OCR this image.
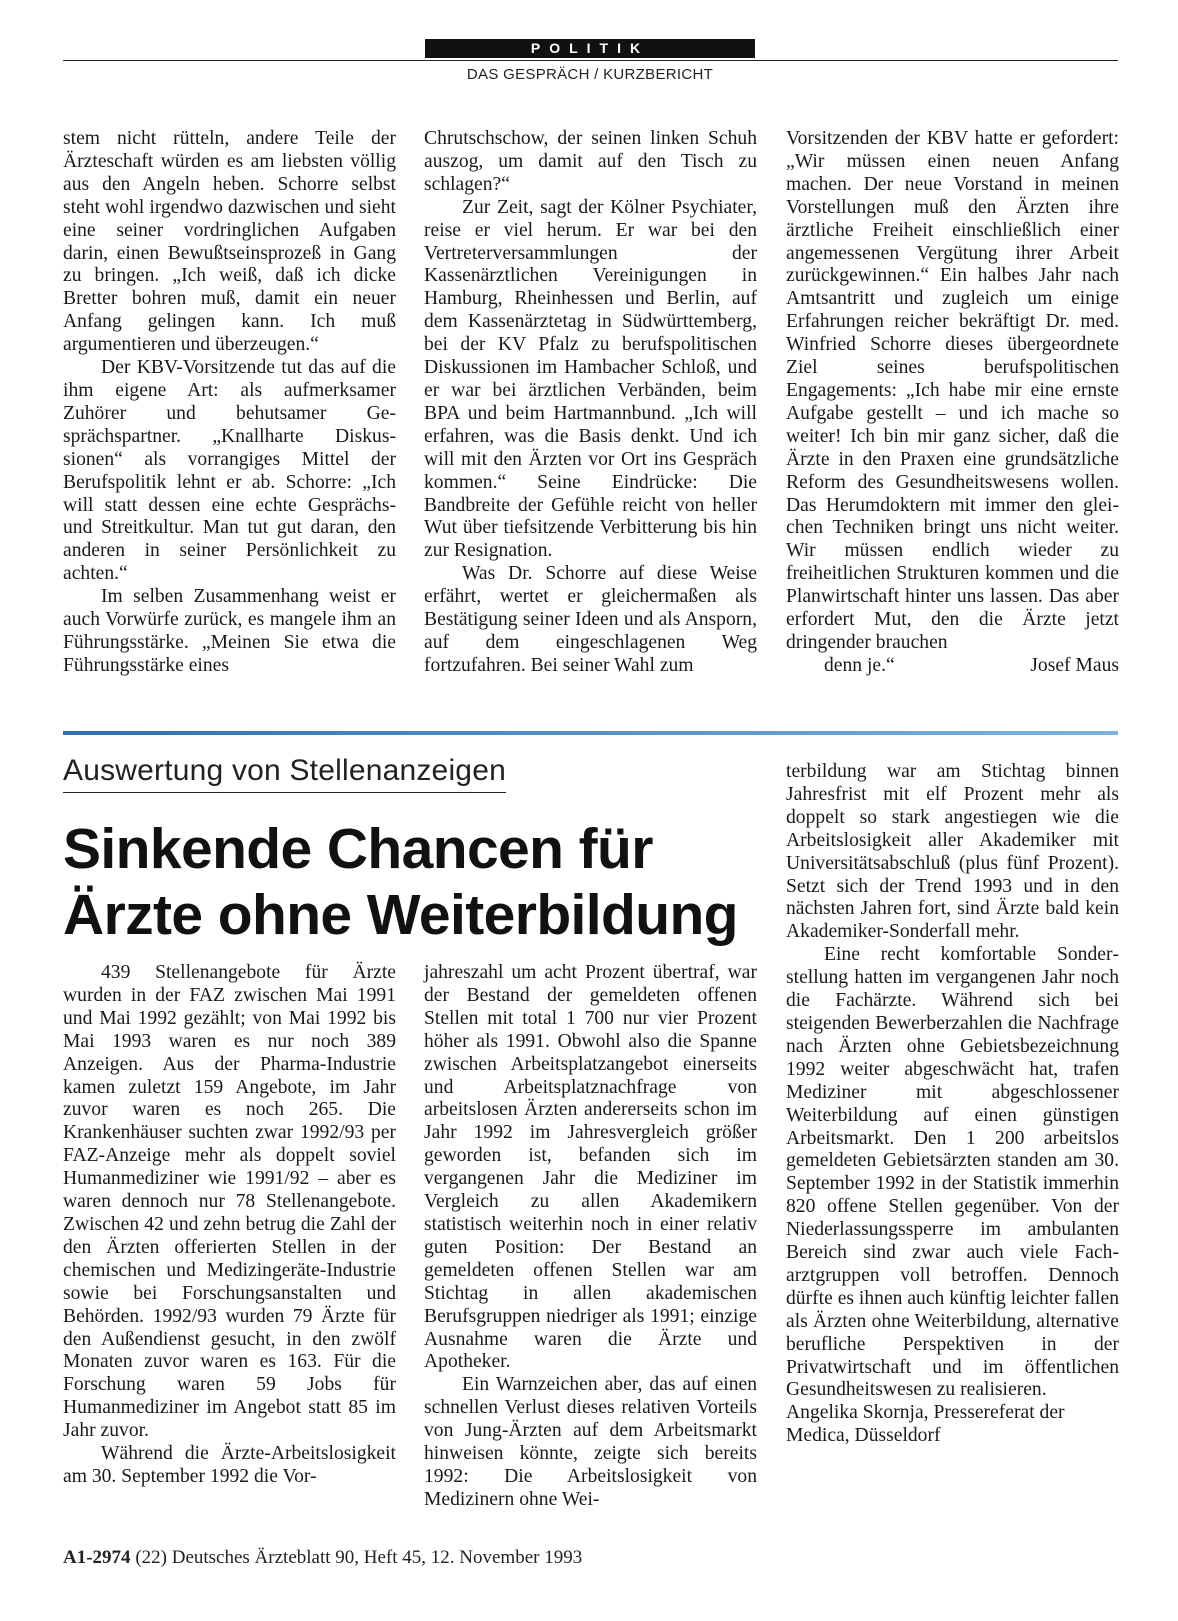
POLITIK
DAS GESPRÄCH / KURZBERICHT

stem nicht rütteln, andere Teile der Ärzteschaft würden es am liebsten völlig aus den Angeln heben. Schorre selbst steht wohl irgendwo dazwischen und sieht eine seiner vordringlichen Aufgaben darin, einen Bewußtseinsprozeß in Gang zu bringen. „Ich weiß, daß ich dicke Bretter bohren muß, damit ein neuer Anfang gelingen kann. Ich muß argumentieren und überzeugen.“

Der KBV-Vorsitzende tut das auf die ihm eigene Art: als aufmerksamer Zuhörer und behutsamer Gesprächspartner. „Knallharte Diskussionen“ als vorrangiges Mittel der Berufspolitik lehnt er ab. Schorre: „Ich will statt dessen eine echte Gesprächs- und Streitkultur. Man tut gut daran, den anderen in seiner Persönlichkeit zu achten.“

Im selben Zusammenhang weist er auch Vorwürfe zurück, es mangele ihm an Führungsstärke. „Meinen Sie etwa die Führungsstärke eines

Chrutschschow, der seinen linken Schuh auszog, um damit auf den Tisch zu schlagen?“

Zur Zeit, sagt der Kölner Psychiater, reise er viel herum. Er war bei den Vertreterversammlungen der Kassenärztlichen Vereinigungen in Hamburg, Rheinhessen und Berlin, auf dem Kassenärztetag in Südwürttemberg, bei der KV Pfalz zu berufspolitischen Diskussionen im Hambacher Schloß, und er war bei ärztlichen Verbänden, beim BPA und beim Hartmannbund. „Ich will erfahren, was die Basis denkt. Und ich will mit den Ärzten vor Ort ins Gespräch kommen.“ Seine Eindrücke: Die Bandbreite der Gefühle reicht von heller Wut über tiefsitzende Verbitterung bis hin zur Resignation.

Was Dr. Schorre auf diese Weise erfährt, wertet er gleichermaßen als Bestätigung seiner Ideen und als Ansporn, auf dem eingeschlagenen Weg fortzufahren. Bei seiner Wahl zum

Vorsitzenden der KBV hatte er gefordert: „Wir müssen einen neuen Anfang machen. Der neue Vorstand in meinen Vorstellungen muß den Ärzten ihre ärztliche Freiheit einschließlich einer angemessenen Vergütung ihrer Arbeit zurückgewinnen.“ Ein halbes Jahr nach Amtsantritt und zugleich um einige Erfahrungen reicher bekräftigt Dr. med. Winfried Schorre dieses übergeordnete Ziel seines berufspolitischen Engagements: „Ich habe mir eine ernste Aufgabe gestellt – und ich mache so weiter! Ich bin mir ganz sicher, daß die Ärzte in den Praxen eine grundsätzliche Reform des Gesundheitswesens wollen. Das Herumdoktern mit immer den gleichen Techniken bringt uns nicht weiter. Wir müssen endlich wieder zu freiheitlichen Strukturen kommen und die Planwirtschaft hinter uns lassen. Das aber erfordert Mut, den die Ärzte jetzt dringender brauchen

denn je.“	Josef Maus

Auswertung von Stellenanzeigen
Sinkende Chancen für
Ärzte ohne Weiterbildung

439 Stellenangebote für Ärzte wurden in der FAZ zwischen Mai 1991 und Mai 1992 gezählt; von Mai 1992 bis Mai 1993 waren es nur noch 389 Anzeigen. Aus der Pharma-Industrie kamen zuletzt 159 Angebote, im Jahr zuvor waren es noch 265. Die Krankenhäuser suchten zwar 1992/93 per FAZ-Anzeige mehr als doppelt soviel Humanmediziner wie 1991/92 – aber es waren dennoch nur 78 Stellenangebote. Zwischen 42 und zehn betrug die Zahl der den Ärzten offerierten Stellen in der chemischen und Medizingeräte-Industrie sowie bei Forschungsanstalten und Behörden. 1992/93 wurden 79 Ärzte für den Außendienst gesucht, in den zwölf Monaten zuvor waren es 163. Für die Forschung waren 59 Jobs für Humanmediziner im Angebot statt 85 im Jahr zuvor.

Während die Ärzte-Arbeitslosigkeit am 30. September 1992 die Vor-

jahreszahl um acht Prozent übertraf, war der Bestand der gemeldeten offenen Stellen mit total 1 700 nur vier Prozent höher als 1991. Obwohl also die Spanne zwischen Arbeitsplatzangebot einerseits und Arbeitsplatznachfrage von arbeitslosen Ärzten andererseits schon im Jahr 1992 im Jahresvergleich größer geworden ist, befanden sich im vergangenen Jahr die Mediziner im Vergleich zu allen Akademikern statistisch weiterhin noch in einer relativ guten Position: Der Bestand an gemeldeten offenen Stellen war am Stichtag in allen akademischen Berufsgruppen niedriger als 1991; einzige Ausnahme waren die Ärzte und Apotheker.

Ein Warnzeichen aber, das auf einen schnellen Verlust dieses relativen Vorteils von Jung-Ärzten auf dem Arbeitsmarkt hinweisen könnte, zeigte sich bereits 1992: Die Arbeitslosigkeit von Medizinern ohne Wei-

terbildung war am Stichtag binnen Jahresfrist mit elf Prozent mehr als doppelt so stark angestiegen wie die Arbeitslosigkeit aller Akademiker mit Universitätsabschluß (plus fünf Prozent). Setzt sich der Trend 1993 und in den nächsten Jahren fort, sind Ärzte bald kein Akademiker-Sonderfall mehr.

Eine recht komfortable Sonderstellung hatten im vergangenen Jahr noch die Fachärzte. Während sich bei steigenden Bewerberzahlen die Nachfrage nach Ärzten ohne Gebietsbezeichnung 1992 weiter abgeschwächt hat, trafen Mediziner mit abgeschlossener Weiterbildung auf einen günstigen Arbeitsmarkt. Den 1 200 arbeitslos gemeldeten Gebietsärzten standen am 30. September 1992 in der Statistik immerhin 820 offene Stellen gegenüber. Von der Niederlassungssperre im ambulanten Bereich sind zwar auch viele Facharztgruppen voll betroffen. Dennoch dürfte es ihnen auch künftig leichter fallen als Ärzten ohne Weiterbildung, alternative berufliche Perspektiven in der Privatwirtschaft und im öffentlichen Gesundheitswesen zu realisieren.

Angelika Skornja, Pressereferat der Medica, Düsseldorf

A1-2974 (22) Deutsches Ärzteblatt 90, Heft 45, 12. November 1993
